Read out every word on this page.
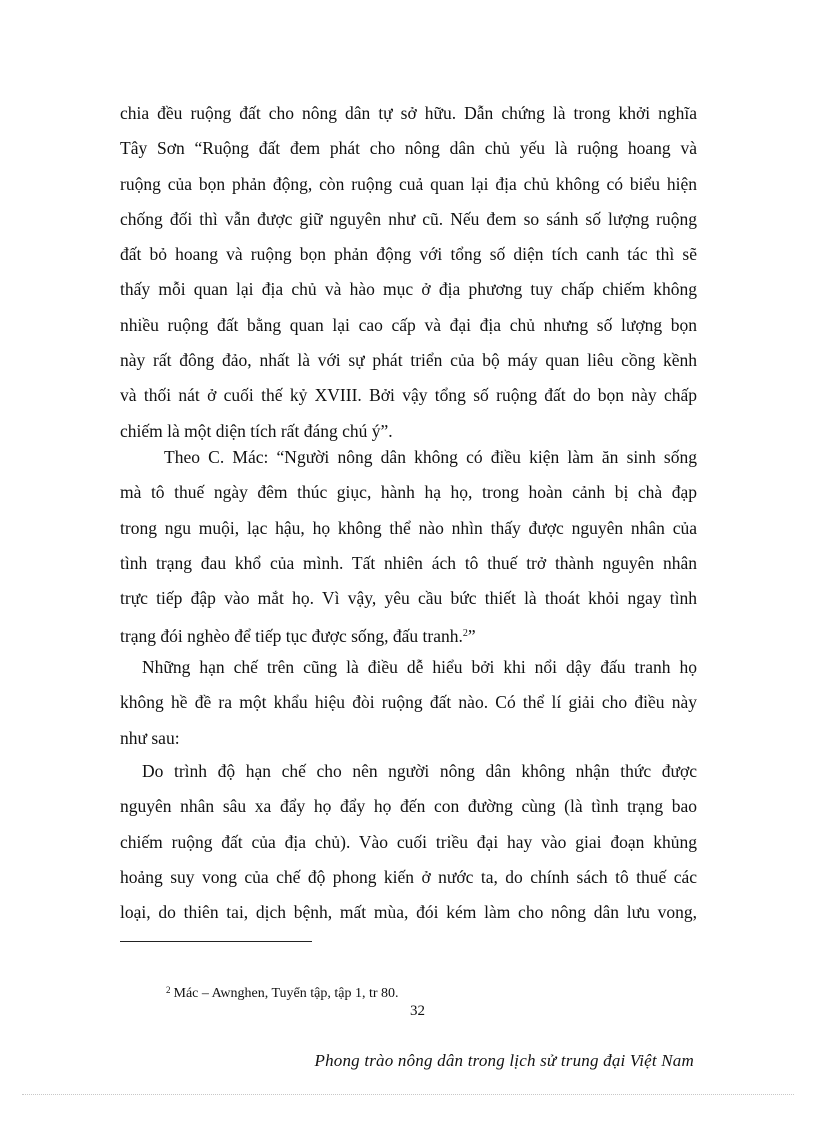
chia đều ruộng đất cho nông dân tự sở hữu. Dẫn chứng là trong khởi nghĩa
Tây Sơn “Ruộng đất đem phát cho nông dân chủ yếu là ruộng hoang và
ruộng của bọn phản động, còn ruộng cuả quan lại địa chủ không có biểu hiện
chống đối thì vẫn được giữ nguyên như cũ. Nếu đem so sánh số lượng ruộng
đất bỏ hoang và ruộng bọn phản động với tổng số diện tích canh tác thì sẽ
thấy mỗi quan lại địa chủ và hào mục ở địa phương tuy chấp chiếm không
nhiều ruộng đất bằng quan lại cao cấp và đại địa chủ nhưng số lượng bọn
này rất đông đảo, nhất là với sự phát triển của bộ máy quan liêu cồng kềnh
và thối nát ở cuối thế kỷ XVIII. Bởi vậy tổng số ruộng đất do bọn này chấp
chiếm là một diện tích rất đáng chú ý”.
Theo C. Mác: “Người nông dân không có điều kiện làm ăn sinh sống
mà tô thuế ngày đêm thúc giục, hành hạ họ, trong hoàn cảnh bị chà đạp
trong ngu muội, lạc hậu, họ không thể nào nhìn thấy được nguyên nhân của
tình trạng đau khổ của mình. Tất nhiên ách tô thuế trở thành nguyên nhân
trực tiếp đập vào mắt họ. Vì vậy, yêu cầu bức thiết là thoát khỏi ngay tình
trạng đói nghèo để tiếp tục được sống, đấu tranh.$^2$”
Những hạn chế trên cũng là điều dễ hiểu bởi khi nổi dậy đấu tranh họ
không hề đề ra một khẩu hiệu đòi ruộng đất nào. Có thể lí giải cho điều này
như sau:
Do trình độ hạn chế cho nên người nông dân không nhận thức được
nguyên nhân sâu xa đẩy họ đẩy họ đến con đường cùng (là tình trạng bao
chiếm ruộng đất của địa chủ). Vào cuối triều đại hay vào giai đoạn khủng
hoảng suy vong của chế độ phong kiến ở nước ta, do chính sách tô thuế các
loại, do thiên tai, dịch bệnh, mất mùa, đói kém làm cho nông dân lưu vong,
$^2$ Mác – Awnghen, Tuyển tập, tập 1, tr 80.
32
Phong trào nông dân trong lịch sử trung đại Việt Nam
